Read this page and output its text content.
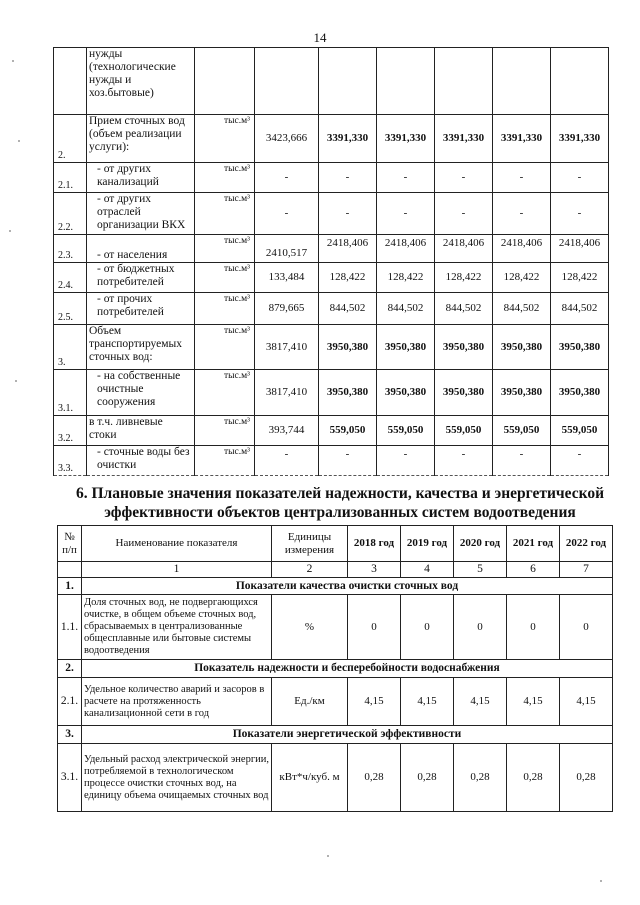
14
	нужды (технологические нужды и хоз.бытовые)							
2.	Прием сточных вод (объем реализации услуги):	тыс.м³	3423,666	3391,330	3391,330	3391,330	3391,330	3391,330
2.1.	- от других канализаций	тыс.м³	-	-	-	-	-	-
2.2.	- от других отраслей организации ВКХ	тыс.м³	-	-	-	-	-	-
2.3.	- от населения	тыс.м³	2410,517	2418,406	2418,406	2418,406	2418,406	2418,406
2.4.	- от бюджетных потребителей	тыс.м³	133,484	128,422	128,422	128,422	128,422	128,422
2.5.	- от прочих потребителей	тыс.м³	879,665	844,502	844,502	844,502	844,502	844,502
3.	Объем транспортируемых сточных вод:	тыс.м³	3817,410	3950,380	3950,380	3950,380	3950,380	3950,380
3.1.	- на собственные очистные сооружения	тыс.м³	3817,410	3950,380	3950,380	3950,380	3950,380	3950,380
3.2.	в т.ч. ливневые стоки	тыс.м³	393,744	559,050	559,050	559,050	559,050	559,050
3.3.	- сточные воды без очистки	тыс.м³	-	-	-	-	-	-
6. Плановые значения показателей надежности, качества и энергетической эффективности объектов централизованных систем водоотведения
№ п/п	Наименование показателя	Единицы измерения	2018 год	2019 год	2020 год	2021 год	2022 год
	1	2	3	4	5	6	7
1.	Показатели качества очистки сточных вод						
1.1.	Доля сточных вод, не подвергающихся очистке, в общем объеме сточных вод, сбрасываемых в централизованные общесплавные или бытовые системы водоотведения	%	0	0	0	0	0
2.	Показатель надежности и бесперебойности водоснабжения						
2.1.	Удельное количество аварий и засоров в расчете на протяженность канализационной сети в год	Ед./км	4,15	4,15	4,15	4,15	4,15
3.	Показатели энергетической эффективности						
3.1.	Удельный расход электрической энергии, потребляемой в технологическом процессе очистки сточных вод, на единицу объема очищаемых сточных вод	кВт*ч/куб. м	0,28	0,28	0,28	0,28	0,28
